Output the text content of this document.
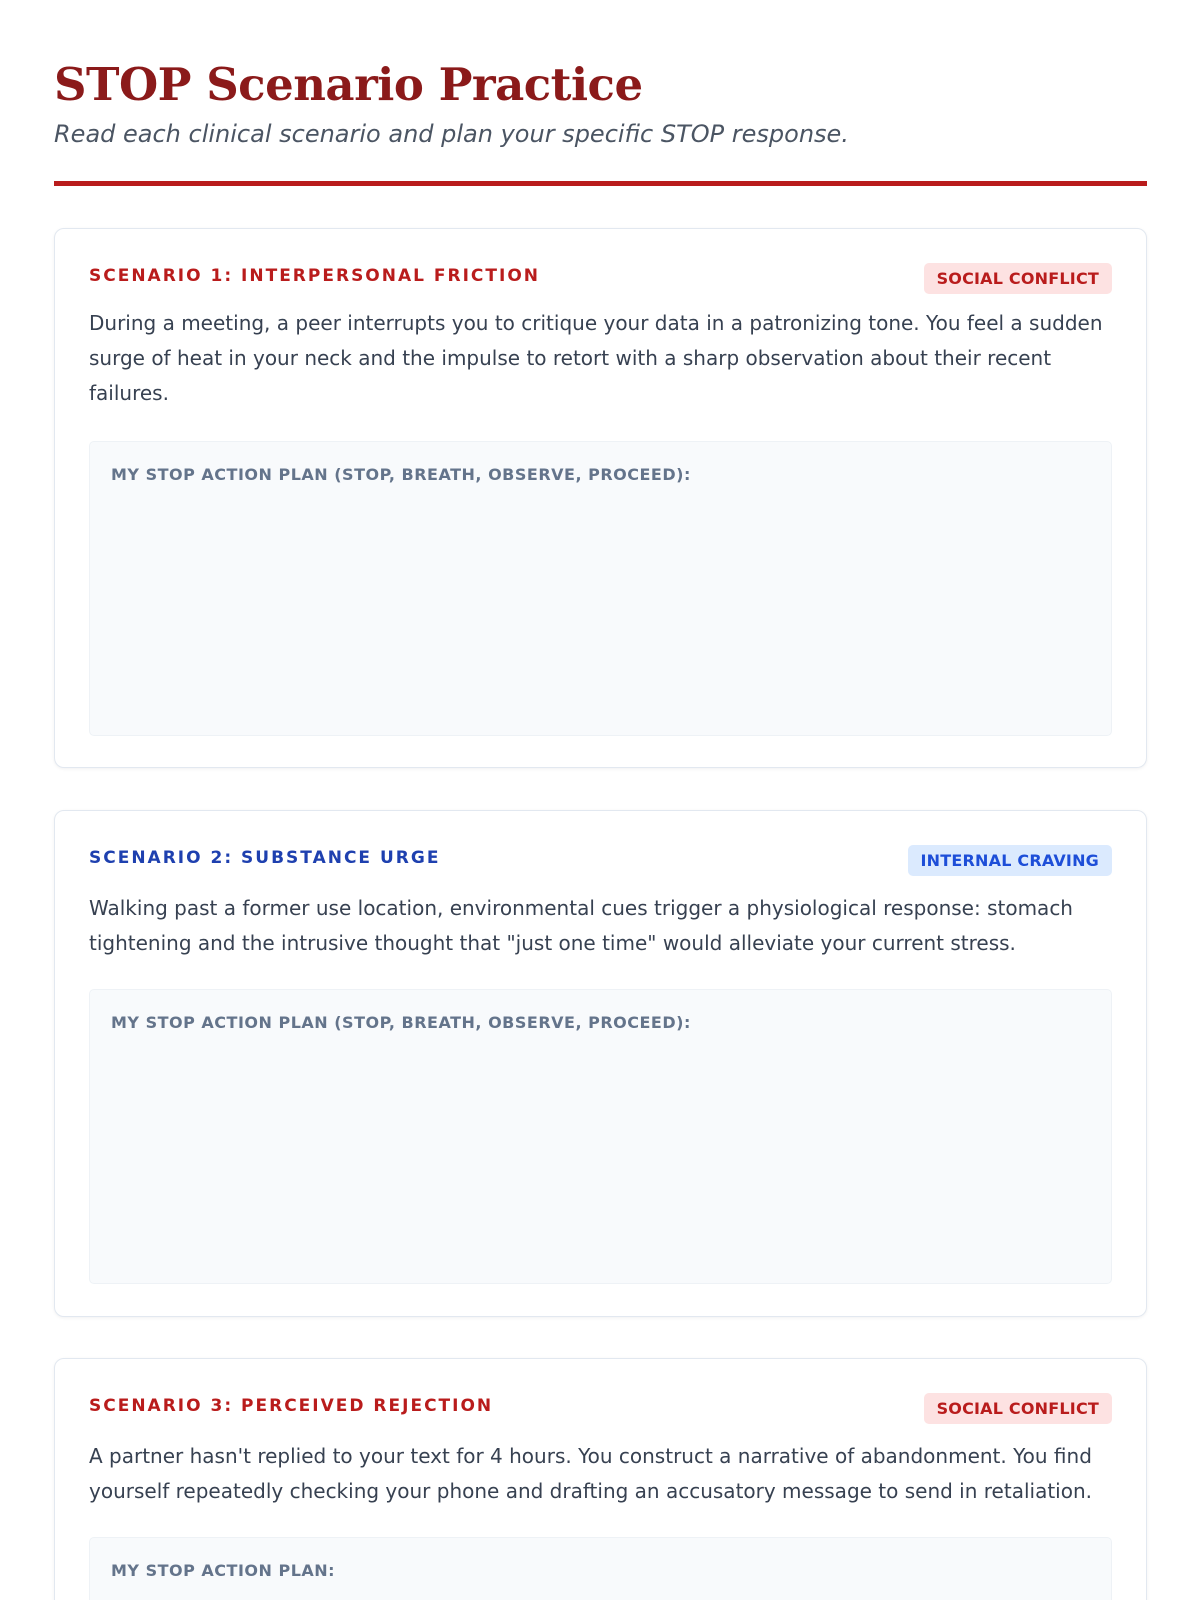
STOP Scenario Practice

Read each clinical scenario and plan your specific STOP response.

SCENARIO 1: INTERPERSONAL FRICTION	SOCIAL CONFLICT

During a meeting, a peer interrupts you to critique your data in a patronizing tone. You feel a sudden surge of heat in your neck and the impulse to retort with a sharp observation about their recent failures.

MY STOP ACTION PLAN (STOP, BREATH, OBSERVE, PROCEED):
SCENARIO 2: SUBSTANCE URGE	INTERNAL CRAVING

Walking past a former use location, environmental cues trigger a physiological response: stomach tightening and the intrusive thought that "just one time" would alleviate your current stress.

MY STOP ACTION PLAN (STOP, BREATH, OBSERVE, PROCEED):
SCENARIO 3: PERCEIVED REJECTION	SOCIAL CONFLICT

A partner hasn't replied to your text for 4 hours. You construct a narrative of abandonment. You find yourself repeatedly checking your phone and drafting an accusatory message to send in retaliation.

MY STOP ACTION PLAN:
